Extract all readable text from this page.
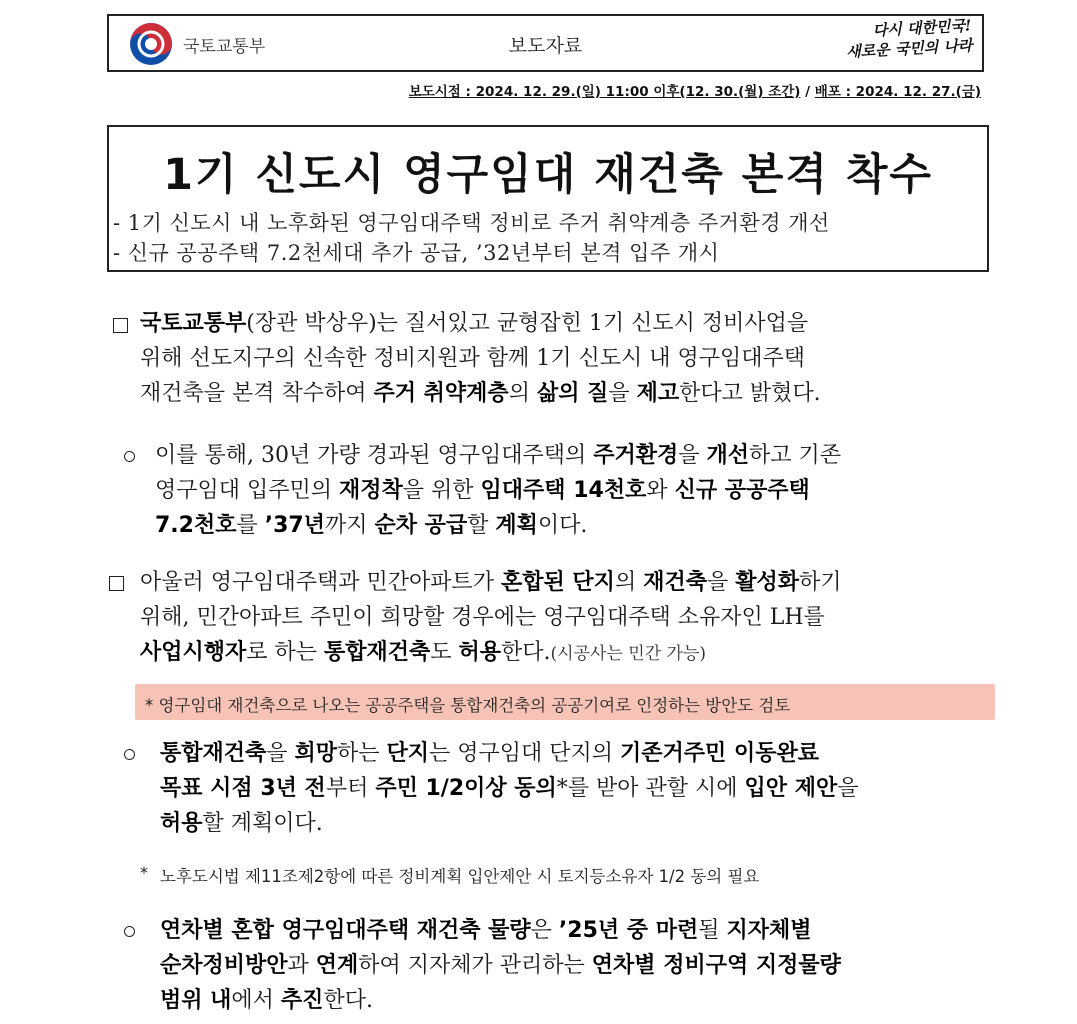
국토교통부	보도자료
다시 대한민국!
새로운 국민의 나라
보도시점 : 2024. 12. 29.(일) 11:00 이후(12. 30.(월) 조간) / 배포 : 2024. 12. 27.(금)
1기 신도시 영구임대 재건축 본격 착수
- 1기 신도시 내 노후화된 영구임대주택 정비로 주거 취약계층 주거환경 개선
- 신규 공공주택 7.2천세대 추가 공급, ’32년부터 본격 입주 개시
국토교통부(장관 박상우)는 질서있고 균형잡힌 1기 신도시 정비사업을
위해 선도지구의 신속한 정비지원과 함께 1기 신도시 내 영구임대주택
재건축을 본격 착수하여 주거 취약계층의 삶의 질을 제고한다고 밝혔다.
이를 통해, 30년 가량 경과된 영구임대주택의 주거환경을 개선하고 기존
영구임대 입주민의 재정착을 위한 임대주택 14천호와 신규 공공주택
7.2천호를 ’37년까지 순차 공급할 계획이다.
아울러 영구임대주택과 민간아파트가 혼합된 단지의 재건축을 활성화하기
위해, 민간아파트 주민이 희망할 경우에는 영구임대주택 소유자인 LH를
사업시행자로 하는 통합재건축도 허용한다.(시공사는 민간 가능)
* 영구임대 재건축으로 나오는 공공주택을 통합재건축의 공공기여로 인정하는 방안도 검토
통합재건축을 희망하는 단지는 영구임대 단지의 기존거주민 이동완료
목표 시점 3년 전부터 주민 1/2이상 동의*를 받아 관할 시에 입안 제안을
허용할 계획이다.
* 노후도시법 제11조제2항에 따른 정비계획 입안제안 시 토지등소유자 1/2 동의 필요
연차별 혼합 영구임대주택 재건축 물량은 ’25년 중 마련될 지자체별
순차정비방안과 연계하여 지자체가 관리하는 연차별 정비구역 지정물량
범위 내에서 추진한다.
